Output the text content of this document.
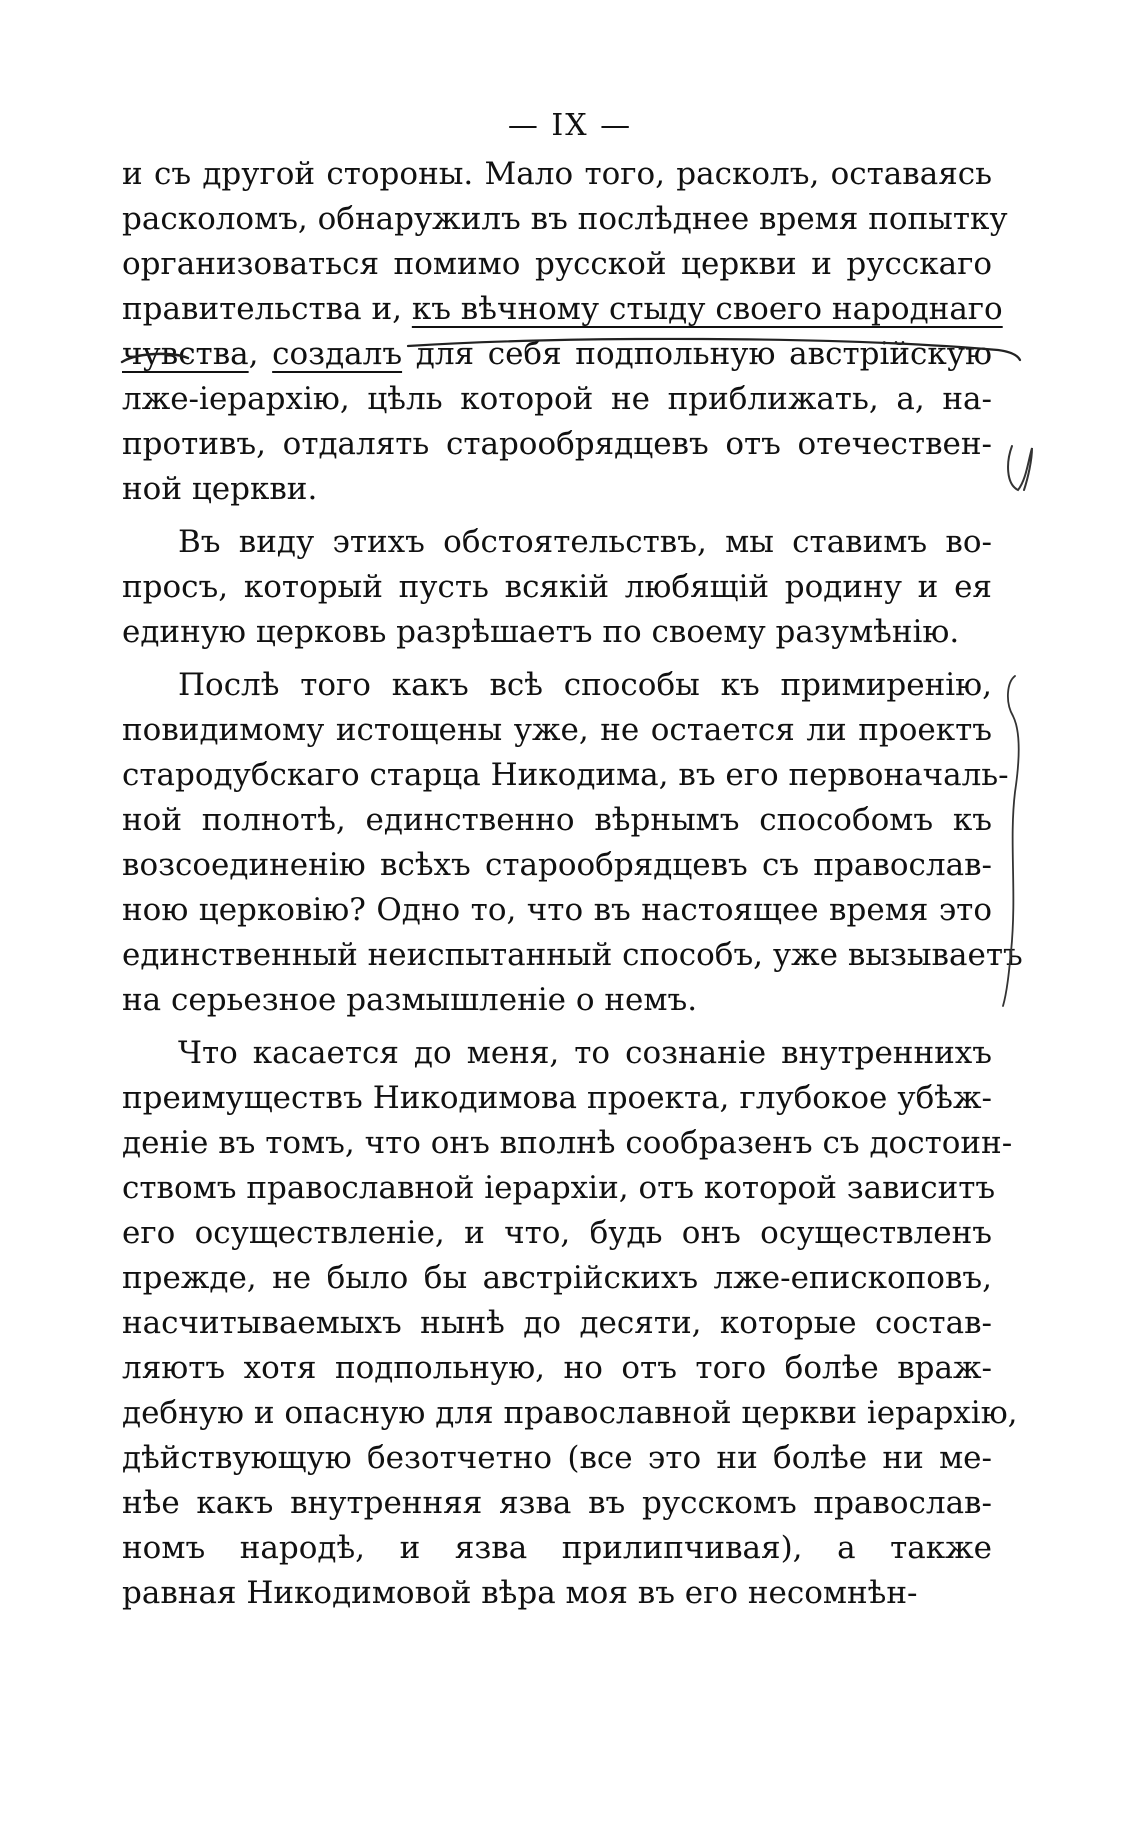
— IX —
и съ другой стороны. Мало того, расколъ, оставаясь
расколомъ, обнаружилъ въ послѣднее время попытку
организоваться помимо русской церкви и русскаго
правительства и, къ вѣчному стыду своего народнаго
чувства, создалъ для себя подпольную австрійскую
лже-іерархію, цѣль которой не приближать, а, на-
противъ, отдалять старообрядцевъ отъ отечествен-
ной церкви.
Въ виду этихъ обстоятельствъ, мы ставимъ во-
просъ, который пусть всякій любящій родину и ея
единую церковь разрѣшаетъ по своему разумѣнію.
Послѣ того какъ всѣ способы къ примиренію,
повидимому истощены уже, не остается ли проектъ
стародубскаго старца Никодима, въ его первоначаль-
ной полнотѣ, единственно вѣрнымъ способомъ къ
возсоединенію всѣхъ старообрядцевъ съ православ-
ною церковію? Одно то, что въ настоящее время это
единственный неиспытанный способъ, уже вызываетъ
на серьезное размышленіе о немъ.
Что касается до меня, то сознаніе внутреннихъ
преимуществъ Никодимова проекта, глубокое убѣж-
деніе въ томъ, что онъ вполнѣ сообразенъ съ достоин-
ствомъ православной іерархіи, отъ которой зависитъ
его осуществленіе, и что, будь онъ осуществленъ
прежде, не было бы австрійскихъ лже-епископовъ,
насчитываемыхъ нынѣ до десяти, которые состав-
ляютъ хотя подпольную, но отъ того болѣе враж-
дебную и опасную для православной церкви іерархію,
дѣйствующую безотчетно (все это ни болѣе ни ме-
нѣе какъ внутренняя язва въ русскомъ православ-
номъ народѣ, и язва прилипчивая), а также
равная Никодимовой вѣра моя въ его несомнѣн-
